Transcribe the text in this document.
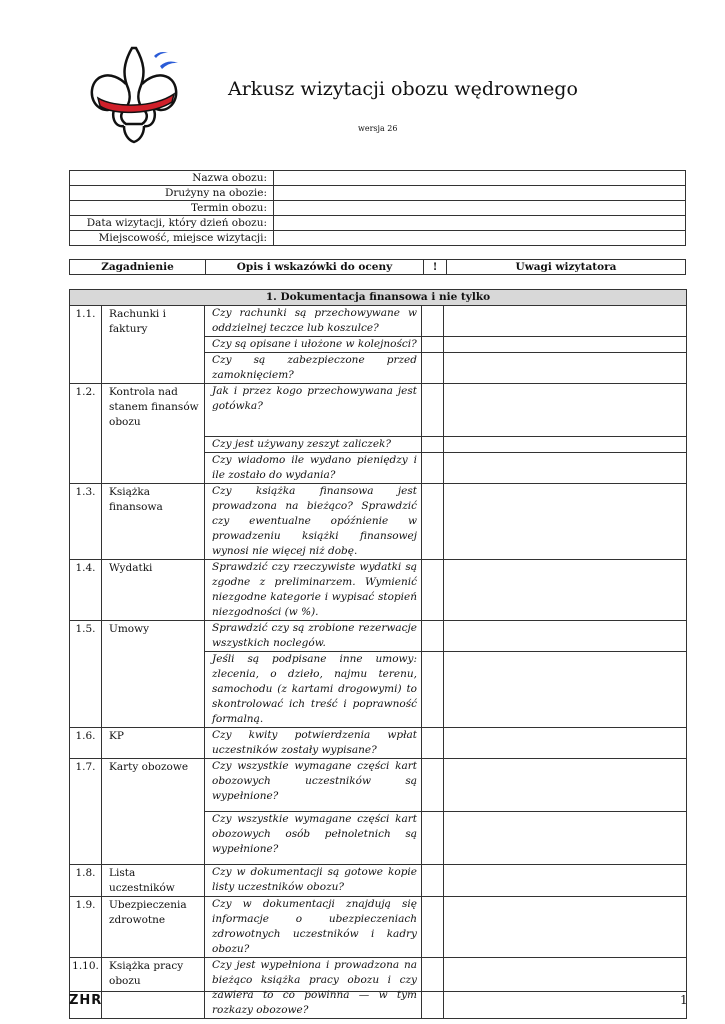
Arkusz wizytacji obozu wędrownego
wersja 26
Nazwa obozu:	
Drużyny na obozie:	
Termin obozu:	
Data wizytacji, który dzień obozu:	
Miejscowość, miejsce wizytacji:	
Zagadnienie	Opis i wskazówki do oceny	!	Uwagi wizytatora
1. Dokumentacja finansowa i nie tylko				
1.1.	Rachunki i faktury	Czy rachunki są przechowywane w oddzielnej teczce lub koszulce?		
		Czy są opisane i ułożone w kolejności?		
		Czy są zabezpieczone przed zamoknięciem?		
1.2.	Kontrola nad stanem finansów obozu	Jak i przez kogo przechowywana jest gotówka?		
		Czy jest używany zeszyt zaliczek?		
		Czy wiadomo ile wydano pieniędzy i ile zostało do wydania?		
1.3.	Książka finansowa	Czy książka finansowa jest prowadzona na bieżąco? Sprawdzić czy ewentualne opóźnienie w prowadzeniu książki finansowej wynosi nie więcej niż dobę.		
1.4.	Wydatki	Sprawdzić czy rzeczywiste wydatki są zgodne z preliminarzem. Wymienić niezgodne kategorie i wypisać stopień niezgodności (w %).		
1.5.	Umowy	Sprawdzić czy są zrobione rezerwacje wszystkich noclegów.		
		Jeśli są podpisane inne umowy: zlecenia, o dzieło, najmu terenu, samochodu (z kartami drogowymi) to skontrolować ich treść i poprawność formalną.		
1.6.	KP	Czy kwity potwierdzenia wpłat uczestników zostały wypisane?		
1.7.	Karty obozowe	Czy wszystkie wymagane części kart obozowych uczestników są wypełnione?		
		Czy wszystkie wymagane części kart obozowych osób pełnoletnich są wypełnione?		
1.8.	Lista uczestników	Czy w dokumentacji są gotowe kopie listy uczestników obozu?		
1.9.	Ubezpieczenia zdrowotne	Czy w dokumentacji znajdują się informacje o ubezpieczeniach zdrowotnych uczestników i kadry obozu?		
1.10.	Książka pracy obozu	Czy jest wypełniona i prowadzona na bieżąco książka pracy obozu i czy zawiera to co powinna — w tym rozkazy obozowe?		
ZHR	1
